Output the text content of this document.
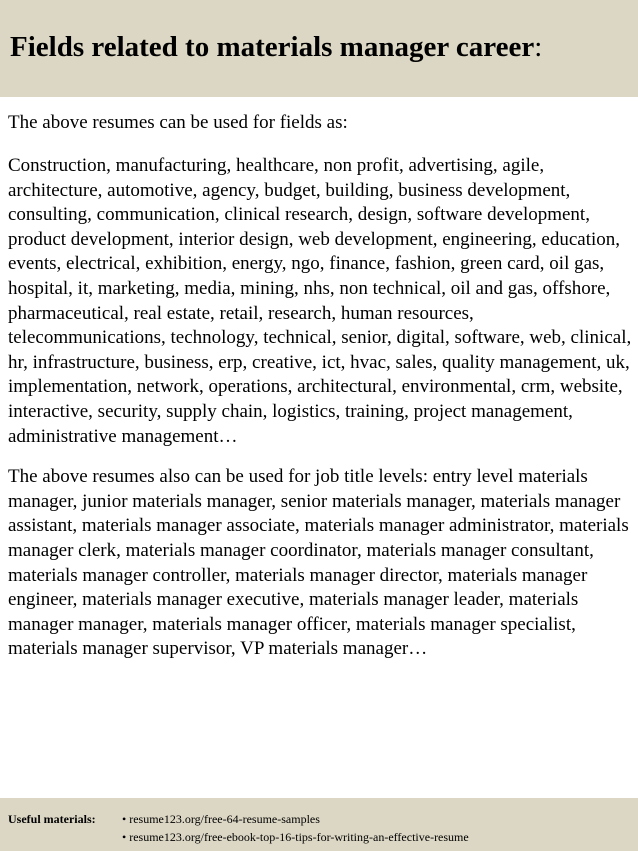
Fields related to materials manager career:

The above resumes can be used for fields as:

Construction, manufacturing, healthcare, non profit, advertising, agile, architecture, automotive, agency, budget, building, business development, consulting, communication, clinical research, design, software development, product development, interior design, web development, engineering, education, events, electrical, exhibition, energy, ngo, finance, fashion, green card, oil gas, hospital, it, marketing, media, mining, nhs, non technical, oil and gas, offshore, pharmaceutical, real estate, retail, research, human resources, telecommunications, technology, technical, senior, digital, software, web, clinical, hr, infrastructure, business, erp, creative, ict, hvac, sales, quality management, uk, implementation, network, operations, architectural, environmental, crm, website, interactive, security, supply chain, logistics, training, project management, administrative management…

The above resumes also can be used for job title levels: entry level materials manager, junior materials manager, senior materials manager, materials manager assistant, materials manager associate, materials manager administrator, materials manager clerk, materials manager coordinator, materials manager consultant, materials manager controller, materials manager director, materials manager engineer, materials manager executive, materials manager leader, materials manager manager, materials manager officer, materials manager specialist, materials manager supervisor, VP materials manager…

Useful materials:	• resume123.org/free-64-resume-samples
• resume123.org/free-ebook-top-16-tips-for-writing-an-effective-resume
